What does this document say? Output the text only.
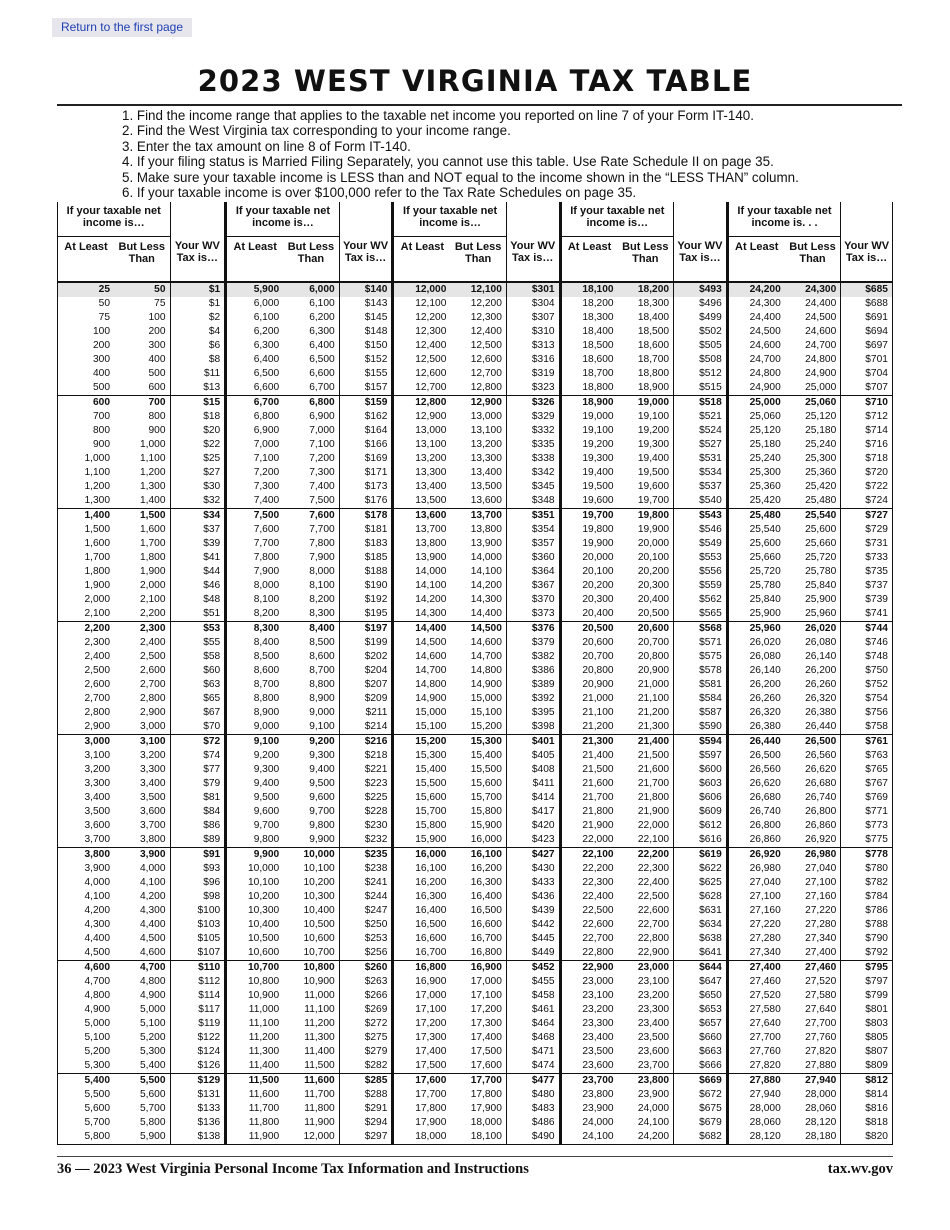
Return to the first page
2023 WEST VIRGINIA TAX TABLE
1. Find the income range that applies to the taxable net income you reported on line 7 of your Form IT-140.
2. Find the West Virginia tax corresponding to your income range.
3. Enter the tax amount on line 8 of Form IT-140.
4. If your filing status is Married Filing Separately, you cannot use this table. Use Rate Schedule II on page 35.
5. Make sure your taxable income is LESS than and NOT equal to the income shown in the “LESS THAN” column.
6. If your taxable income is over $100,000 refer to the Tax Rate Schedules on page 35.
If your taxable net income is…		
At Least	But Less Than	Your WV Tax is…
25	50	$1
50	75	$1
75	100	$2
100	200	$4
200	300	$6
300	400	$8
400	500	$11
500	600	$13
600	700	$15
700	800	$18
800	900	$20
900	1,000	$22
1,000	1,100	$25
1,100	1,200	$27
1,200	1,300	$30
1,300	1,400	$32
1,400	1,500	$34
1,500	1,600	$37
1,600	1,700	$39
1,700	1,800	$41
1,800	1,900	$44
1,900	2,000	$46
2,000	2,100	$48
2,100	2,200	$51
2,200	2,300	$53
2,300	2,400	$55
2,400	2,500	$58
2,500	2,600	$60
2,600	2,700	$63
2,700	2,800	$65
2,800	2,900	$67
2,900	3,000	$70
3,000	3,100	$72
3,100	3,200	$74
3,200	3,300	$77
3,300	3,400	$79
3,400	3,500	$81
3,500	3,600	$84
3,600	3,700	$86
3,700	3,800	$89
3,800	3,900	$91
3,900	4,000	$93
4,000	4,100	$96
4,100	4,200	$98
4,200	4,300	$100
4,300	4,400	$103
4,400	4,500	$105
4,500	4,600	$107
4,600	4,700	$110
4,700	4,800	$112
4,800	4,900	$114
4,900	5,000	$117
5,000	5,100	$119
5,100	5,200	$122
5,200	5,300	$124
5,300	5,400	$126
5,400	5,500	$129
5,500	5,600	$131
5,600	5,700	$133
5,700	5,800	$136
5,800	5,900	$138
If your taxable net income is…		
At Least	But Less Than	Your WV Tax is…
5,900	6,000	$140
6,000	6,100	$143
6,100	6,200	$145
6,200	6,300	$148
6,300	6,400	$150
6,400	6,500	$152
6,500	6,600	$155
6,600	6,700	$157
6,700	6,800	$159
6,800	6,900	$162
6,900	7,000	$164
7,000	7,100	$166
7,100	7,200	$169
7,200	7,300	$171
7,300	7,400	$173
7,400	7,500	$176
7,500	7,600	$178
7,600	7,700	$181
7,700	7,800	$183
7,800	7,900	$185
7,900	8,000	$188
8,000	8,100	$190
8,100	8,200	$192
8,200	8,300	$195
8,300	8,400	$197
8,400	8,500	$199
8,500	8,600	$202
8,600	8,700	$204
8,700	8,800	$207
8,800	8,900	$209
8,900	9,000	$211
9,000	9,100	$214
9,100	9,200	$216
9,200	9,300	$218
9,300	9,400	$221
9,400	9,500	$223
9,500	9,600	$225
9,600	9,700	$228
9,700	9,800	$230
9,800	9,900	$232
9,900	10,000	$235
10,000	10,100	$238
10,100	10,200	$241
10,200	10,300	$244
10,300	10,400	$247
10,400	10,500	$250
10,500	10,600	$253
10,600	10,700	$256
10,700	10,800	$260
10,800	10,900	$263
10,900	11,000	$266
11,000	11,100	$269
11,100	11,200	$272
11,200	11,300	$275
11,300	11,400	$279
11,400	11,500	$282
11,500	11,600	$285
11,600	11,700	$288
11,700	11,800	$291
11,800	11,900	$294
11,900	12,000	$297
If your taxable net income is…		
At Least	But Less Than	Your WV Tax is…
12,000	12,100	$301
12,100	12,200	$304
12,200	12,300	$307
12,300	12,400	$310
12,400	12,500	$313
12,500	12,600	$316
12,600	12,700	$319
12,700	12,800	$323
12,800	12,900	$326
12,900	13,000	$329
13,000	13,100	$332
13,100	13,200	$335
13,200	13,300	$338
13,300	13,400	$342
13,400	13,500	$345
13,500	13,600	$348
13,600	13,700	$351
13,700	13,800	$354
13,800	13,900	$357
13,900	14,000	$360
14,000	14,100	$364
14,100	14,200	$367
14,200	14,300	$370
14,300	14,400	$373
14,400	14,500	$376
14,500	14,600	$379
14,600	14,700	$382
14,700	14,800	$386
14,800	14,900	$389
14,900	15,000	$392
15,000	15,100	$395
15,100	15,200	$398
15,200	15,300	$401
15,300	15,400	$405
15,400	15,500	$408
15,500	15,600	$411
15,600	15,700	$414
15,700	15,800	$417
15,800	15,900	$420
15,900	16,000	$423
16,000	16,100	$427
16,100	16,200	$430
16,200	16,300	$433
16,300	16,400	$436
16,400	16,500	$439
16,500	16,600	$442
16,600	16,700	$445
16,700	16,800	$449
16,800	16,900	$452
16,900	17,000	$455
17,000	17,100	$458
17,100	17,200	$461
17,200	17,300	$464
17,300	17,400	$468
17,400	17,500	$471
17,500	17,600	$474
17,600	17,700	$477
17,700	17,800	$480
17,800	17,900	$483
17,900	18,000	$486
18,000	18,100	$490
If your taxable net income is…		
At Least	But Less Than	Your WV Tax is…
18,100	18,200	$493
18,200	18,300	$496
18,300	18,400	$499
18,400	18,500	$502
18,500	18,600	$505
18,600	18,700	$508
18,700	18,800	$512
18,800	18,900	$515
18,900	19,000	$518
19,000	19,100	$521
19,100	19,200	$524
19,200	19,300	$527
19,300	19,400	$531
19,400	19,500	$534
19,500	19,600	$537
19,600	19,700	$540
19,700	19,800	$543
19,800	19,900	$546
19,900	20,000	$549
20,000	20,100	$553
20,100	20,200	$556
20,200	20,300	$559
20,300	20,400	$562
20,400	20,500	$565
20,500	20,600	$568
20,600	20,700	$571
20,700	20,800	$575
20,800	20,900	$578
20,900	21,000	$581
21,000	21,100	$584
21,100	21,200	$587
21,200	21,300	$590
21,300	21,400	$594
21,400	21,500	$597
21,500	21,600	$600
21,600	21,700	$603
21,700	21,800	$606
21,800	21,900	$609
21,900	22,000	$612
22,000	22,100	$616
22,100	22,200	$619
22,200	22,300	$622
22,300	22,400	$625
22,400	22,500	$628
22,500	22,600	$631
22,600	22,700	$634
22,700	22,800	$638
22,800	22,900	$641
22,900	23,000	$644
23,000	23,100	$647
23,100	23,200	$650
23,200	23,300	$653
23,300	23,400	$657
23,400	23,500	$660
23,500	23,600	$663
23,600	23,700	$666
23,700	23,800	$669
23,800	23,900	$672
23,900	24,000	$675
24,000	24,100	$679
24,100	24,200	$682
If your taxable net income is. . .		
At Least	But Less Than	Your WV Tax is…
24,200	24,300	$685
24,300	24,400	$688
24,400	24,500	$691
24,500	24,600	$694
24,600	24,700	$697
24,700	24,800	$701
24,800	24,900	$704
24,900	25,000	$707
25,000	25,060	$710
25,060	25,120	$712
25,120	25,180	$714
25,180	25,240	$716
25,240	25,300	$718
25,300	25,360	$720
25,360	25,420	$722
25,420	25,480	$724
25,480	25,540	$727
25,540	25,600	$729
25,600	25,660	$731
25,660	25,720	$733
25,720	25,780	$735
25,780	25,840	$737
25,840	25,900	$739
25,900	25,960	$741
25,960	26,020	$744
26,020	26,080	$746
26,080	26,140	$748
26,140	26,200	$750
26,200	26,260	$752
26,260	26,320	$754
26,320	26,380	$756
26,380	26,440	$758
26,440	26,500	$761
26,500	26,560	$763
26,560	26,620	$765
26,620	26,680	$767
26,680	26,740	$769
26,740	26,800	$771
26,800	26,860	$773
26,860	26,920	$775
26,920	26,980	$778
26,980	27,040	$780
27,040	27,100	$782
27,100	27,160	$784
27,160	27,220	$786
27,220	27,280	$788
27,280	27,340	$790
27,340	27,400	$792
27,400	27,460	$795
27,460	27,520	$797
27,520	27,580	$799
27,580	27,640	$801
27,640	27,700	$803
27,700	27,760	$805
27,760	27,820	$807
27,820	27,880	$809
27,880	27,940	$812
27,940	28,000	$814
28,000	28,060	$816
28,060	28,120	$818
28,120	28,180	$820
36 — 2023 West Virginia Personal Income Tax Information and Instructions	tax.wv.gov
